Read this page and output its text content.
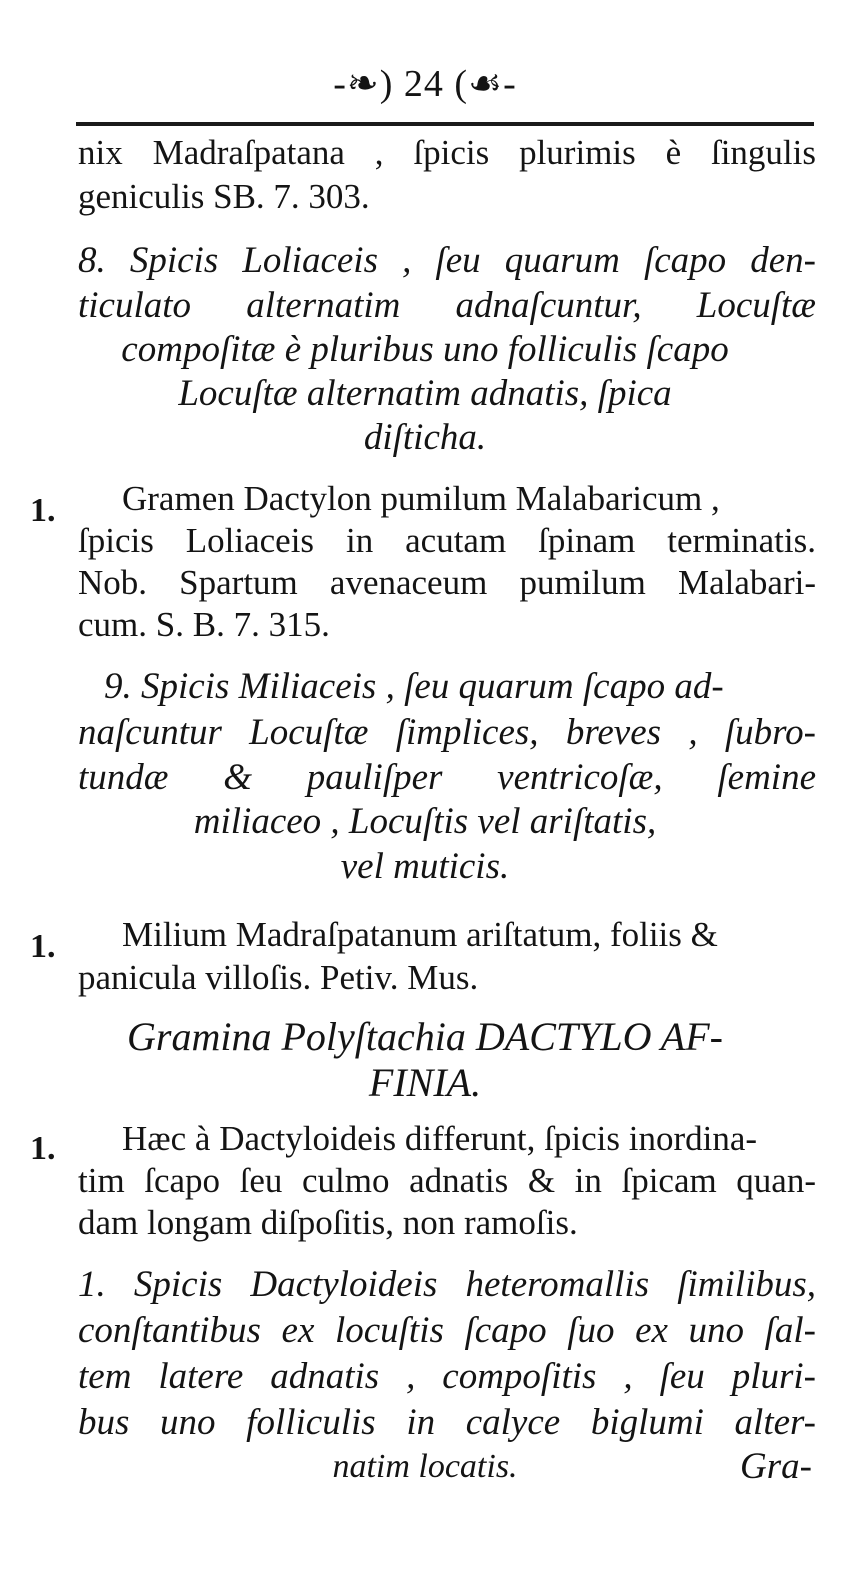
-❧) 24 (☙-
nix Madraſpatana , ſpicis plurimis è ſingulis
geniculis SB. 7. 303.
8. Spicis Loliaceis , ſeu quarum ſcapo den-
ticulato alternatim adnaſcuntur, Locuſtæ
compoſitæ è pluribus uno folliculis ſcapo
Locuſtæ alternatim adnatis, ſpica
diſticha.
1.	Gramen Dactylon pumilum Malabaricum ,
ſpicis Loliaceis in acutam ſpinam terminatis.
Nob. Spartum avenaceum pumilum Malabari-
cum. S. B. 7. 315.
9. Spicis Miliaceis , ſeu quarum ſcapo ad-
naſcuntur Locuſtæ ſimplices, breves , ſubro-
tundæ & pauliſper ventricoſæ, ſemine
miliaceo , Locuſtis vel ariſtatis,
vel muticis.
1.	Milium Madraſpatanum ariſtatum, foliis &
panicula villoſis. Petiv. Mus.
Gramina Polyſtachia DACTYLO AF-
FINIA.
1.	Hæc à Dactyloideis differunt, ſpicis inordina-
tim ſcapo ſeu culmo adnatis & in ſpicam quan-
dam longam diſpoſitis, non ramoſis.
1. Spicis Dactyloideis heteromallis ſimilibus,
conſtantibus ex locuſtis ſcapo ſuo ex uno ſal-
tem latere adnatis , compoſitis , ſeu pluri-
bus uno folliculis in calyce biglumi alter-
natim locatis.	Gra-
